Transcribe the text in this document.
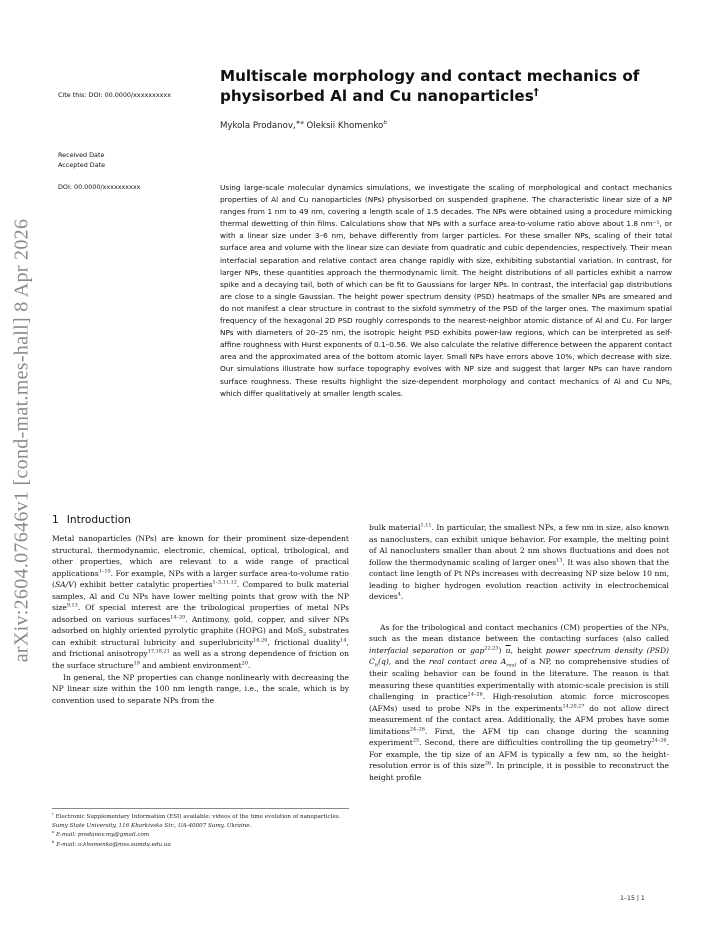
arXiv:2604.07646v1 [cond-mat.mes-hall] 8 Apr 2026
Cite this: DOI: 00.0000/xxxxxxxxxx
Received Date
Accepted Date
DOI: 00.0000/xxxxxxxxxx
Multiscale morphology and contact mechanics of physisorbed Al and Cu nanoparticles†
Mykola Prodanov,$^{∗a}$ Oleksii Khomenko$^b$

Using large-scale molecular dynamics simulations, we investigate the scaling of morphological and contact mechanics properties of Al and Cu nanoparticles (NPs) physisorbed on suspended graphene. The characteristic linear size of a NP ranges from 1 nm to 49 nm, covering a length scale of 1.5 decades. The NPs were obtained using a procedure mimicking thermal dewetting of thin films. Calculations show that NPs with a surface area-to-volume ratio above about 1.8 nm⁻¹, or with a linear size under 3–6 nm, behave differently from larger particles. For these smaller NPs, scaling of their total surface area and volume with the linear size can deviate from quadratic and cubic dependencies, respectively. Their mean interfacial separation and relative contact area change rapidly with size, exhibiting substantial variation. In contrast, for larger NPs, these quantities approach the thermodynamic limit. The height distributions of all particles exhibit a narrow spike and a decaying tail, both of which can be fit to Gaussians for larger NPs. In contrast, the interfacial gap distributions are close to a single Gaussian. The height power spectrum density (PSD) heatmaps of the smaller NPs are smeared and do not manifest a clear structure in contrast to the sixfold symmetry of the PSD of the larger ones. The maximum spatial frequency of the hexagonal 2D PSD roughly corresponds to the nearest-neighbor atomic distance of Al and Cu. For larger NPs with diameters of 20–25 nm, the isotropic height PSD exhibits power-law regions, which can be interpreted as self-affine roughness with Hurst exponents of 0.1–0.56. We also calculate the relative difference between the apparent contact area and the approximated area of the bottom atomic layer. Small NPs have errors above 10%, which decrease with size. Our simulations illustrate how surface topography evolves with NP size and suggest that larger NPs can have random surface roughness. These results highlight the size-dependent morphology and contact mechanics of Al and Cu NPs, which differ qualitatively at smaller length scales.

1 Introduction

Metal nanoparticles (NPs) are known for their prominent size-dependent structural, thermodynamic, electronic, chemical, optical, tribological, and other properties, which are relevant to a wide range of practical applications$^{1-10}$. For example, NPs with a larger surface area-to-volume ratio (SA/V) exhibit better catalytic properties$^{1-3,11,12}$. Compared to bulk material samples, Al and Cu NPs have lower melting points that grow with the NP size$^{9,13}$. Of special interest are the tribological properties of metal NPs adsorbed on various surfaces$^{14-20}$. Antimony, gold, copper, and silver NPs adsorbed on highly oriented pyrolytic graphite (HOPG) and MoS$_2$ substrates can exhibit structural lubricity and superlubricity$^{16,20}$, frictional duality$^{14}$, and frictional anisotropy$^{17,18,21}$ as well as a strong dependence of friction on the surface structure$^{19}$ and ambient environment$^{20}$.

In general, the NP properties can change nonlinearly with decreasing the NP linear size within the 100 nm length range, i.e., the scale, which is by convention used to separate NPs from the

bulk material$^{1,11}$. In particular, the smallest NPs, a few nm in size, also known as nanoclusters, can exhibit unique behavior. For example, the melting point of Al nanoclusters smaller than about 2 nm shows fluctuations and does not follow the thermodynamic scaling of larger ones$^{13}$. It was also shown that the contact line length of Pt NPs increases with decreasing NP size below 10 nm, leading to higher hydrogen evolution reaction activity in electrochemical devices$^4$.

As for the tribological and contact mechanics (CM) properties of the NPs, such as the mean distance between the contacting surfaces (also called interfacial separation or gap$^{22,23}$) $\overline{u}$, height power spectrum density (PSD) $C_h(q)$, and the real contact area $A_{real}$ of a NP, no comprehensive studies of their scaling behavior can be found in the literature. The reason is that measuring these quantities experimentally with atomic-scale precision is still challenging in practice$^{24-26}$. High-resolution atomic force microscopes (AFMs) used to probe NPs in the experiments$^{14,20,27}$ do not allow direct measurement of the contact area. Additionally, the AFM probes have some limitations$^{24-26}$. First, the AFM tip can change during the scanning experiment$^{25}$. Second, there are difficulties controlling the tip geometry$^{24-26}$. For example, the tip size of an AFM is typically a few nm, so the height-resolution error is of this size$^{26}$. In principle, it is possible to reconstruct the height profile

† Electronic Supplementary Information (ESI) available: videos of the time evolution of nanoparticles.
Sumy State University, 116 Kharkivska Str., UA-40007 Sumy, Ukraine.
$^a$ E-mail: prodanov.my@gmail.com
$^b$ E-mail: o.khomenko@mss.sumdu.edu.ua
1–15 | 1
